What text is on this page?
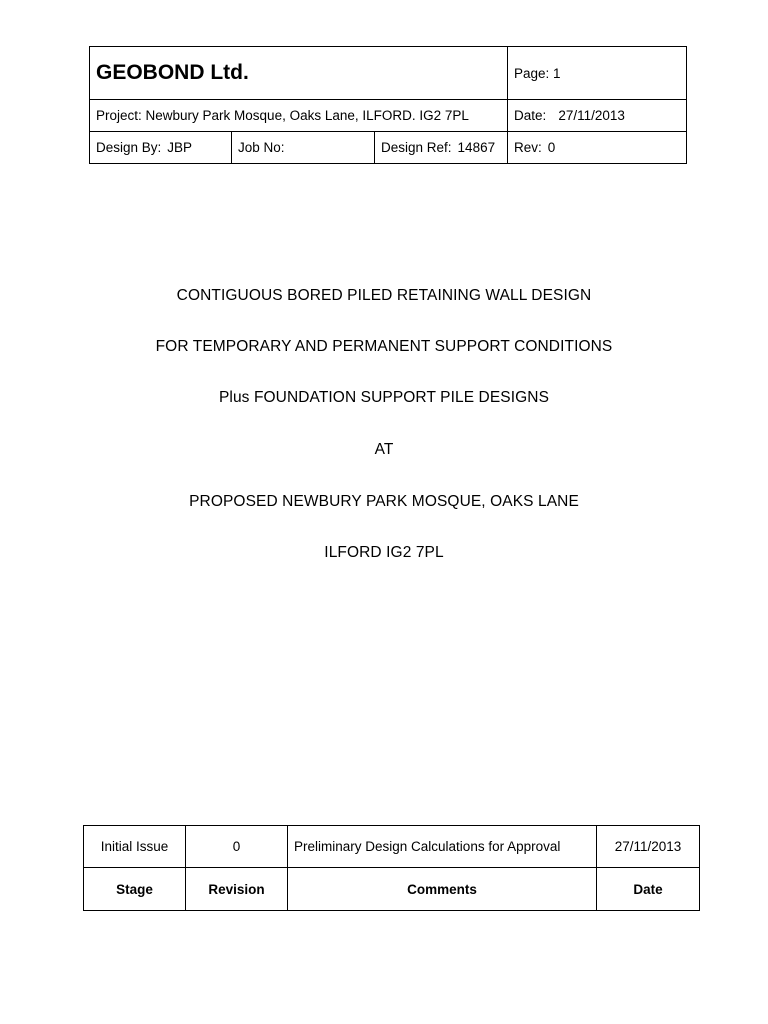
GEOBOND Ltd.			Page: 1
Project: Newbury Park Mosque, Oaks Lane, ILFORD. IG2 7PL			Date: 27/11/2013
Design By: JBP	Job No:	Design Ref: 14867	Rev: 0
CONTIGUOUS BORED PILED RETAINING WALL DESIGN
FOR TEMPORARY AND PERMANENT SUPPORT CONDITIONS
Plus FOUNDATION SUPPORT PILE DESIGNS
AT
PROPOSED NEWBURY PARK MOSQUE, OAKS LANE
ILFORD IG2 7PL
Initial Issue	0	Preliminary Design Calculations for Approval	27/11/2013
Stage	Revision	Comments	Date
